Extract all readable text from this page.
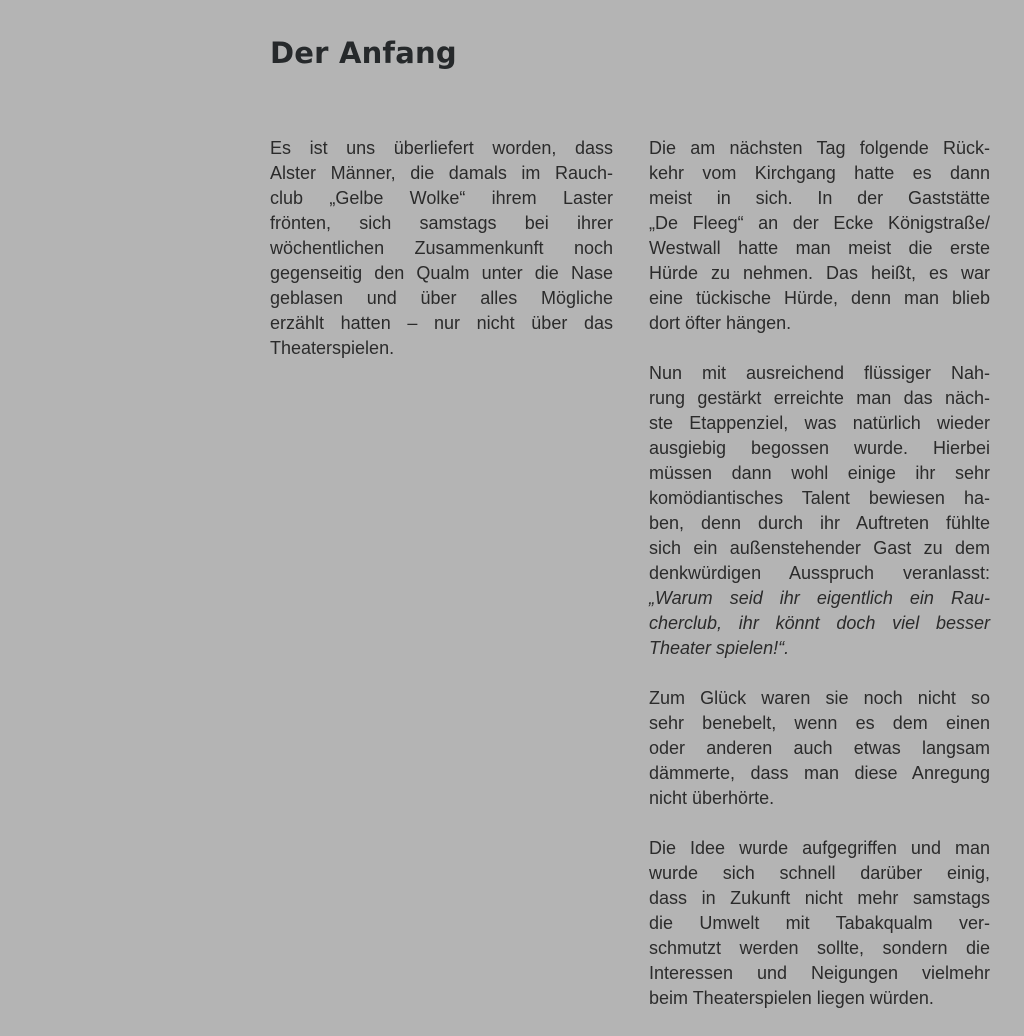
Der Anfang

Es ist uns überliefert worden, dass
Alster Männer, die damals im Rauch-
club „Gelbe Wolke“ ihrem Laster
frönten, sich samstags bei ihrer
wöchentlichen Zusammenkunft noch
gegenseitig den Qualm unter die Nase
geblasen und über alles Mögliche
erzählt hatten – nur nicht über das
Theaterspielen.

Die am nächsten Tag folgende Rück-
kehr vom Kirchgang hatte es dann
meist in sich. In der Gaststätte
„De Fleeg“ an der Ecke Königstraße/
Westwall hatte man meist die erste
Hürde zu nehmen. Das heißt, es war
eine tückische Hürde, denn man blieb
dort öfter hängen.

Nun mit ausreichend flüssiger Nah-
rung gestärkt erreichte man das näch-
ste Etappenziel, was natürlich wieder
ausgiebig begossen wurde. Hierbei
müssen dann wohl einige ihr sehr
komödiantisches Talent bewiesen ha-
ben, denn durch ihr Auftreten fühlte
sich ein außenstehender Gast zu dem
denkwürdigen Ausspruch veranlasst:
„Warum seid ihr eigentlich ein Rau-
cherclub, ihr könnt doch viel besser
Theater spielen!“.

Zum Glück waren sie noch nicht so
sehr benebelt, wenn es dem einen
oder anderen auch etwas langsam
dämmerte, dass man diese Anregung
nicht überhörte.

Die Idee wurde aufgegriffen und man
wurde sich schnell darüber einig,
dass in Zukunft nicht mehr samstags
die Umwelt mit Tabakqualm ver-
schmutzt werden sollte, sondern die
Interessen und Neigungen vielmehr
beim Theaterspielen liegen würden.
